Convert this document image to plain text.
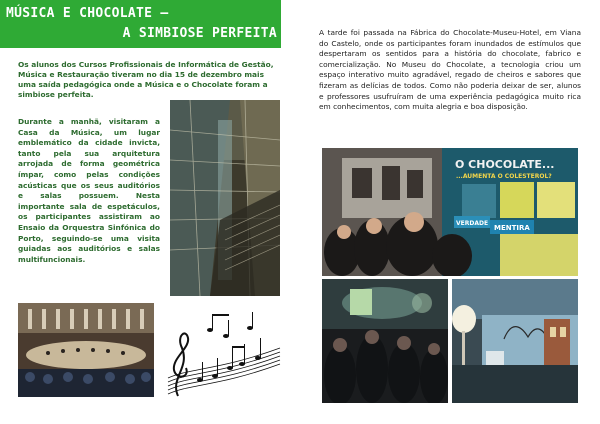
MÚSICA E CHOCOLATE –
A SIMBIOSE PERFEITA
Os alunos dos Cursos Profissionais de Informática de Gestão, Música e Restauração tiveram no dia 15 de dezembro mais uma saída pedagógica onde a Música e o Chocolate foram a simbiose perfeita.
Durante a manhã, visitaram a Casa da Música, um lugar emblemático da cidade invicta, tanto pela sua arquitetura arrojada de forma geométrica ímpar, como pelas condições acústicas que os seus auditórios e salas possuem. Nesta importante sala de espetáculos, os participantes assistiram ao Ensaio da Orquestra Sinfónica do Porto, seguindo-se uma visita guiadas aos auditórios e salas multifuncionais.
A tarde foi passada na Fábrica do Chocolate-Museu-Hotel, em Viana do Castelo, onde os participantes foram inundados de estímulos que despertaram os sentidos para a história do chocolate, fabrico e comercialização. No Museu do Chocolate, a tecnologia criou um espaço interativo muito agradável, regado de cheiros e sabores que fizeram as delícias de todos. Como não poderia deixar de ser, alunos e professores usufruíram de uma experiência pedagógica muito rica em conhecimentos, com muita alegria e boa disposição.
O CHOCOLATE...
...AUMENTA O COLESTEROL?
VERDADE
MENTIRA
